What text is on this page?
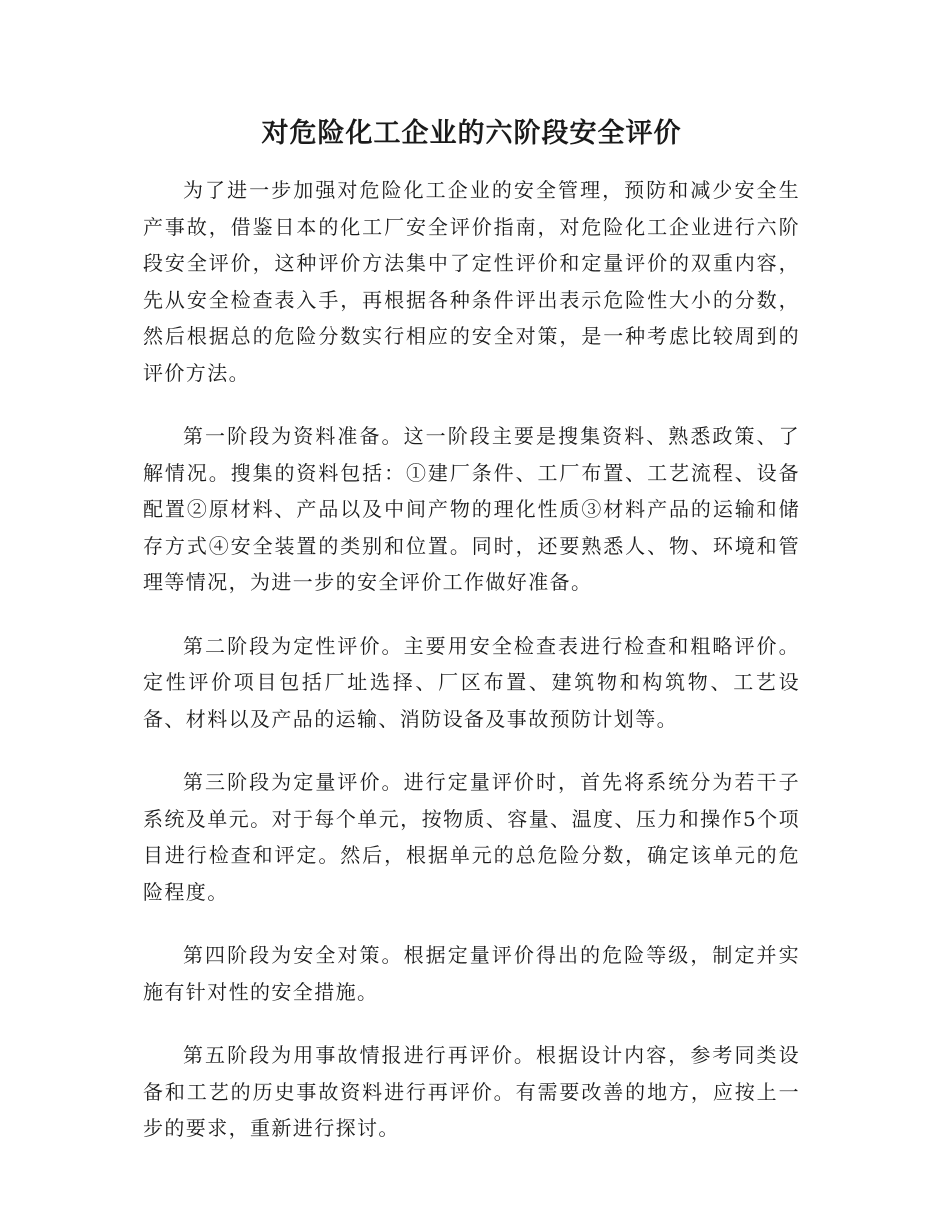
对危险化工企业的六阶段安全评价

为了进一步加强对危险化工企业的安全管理，预防和减少安全生产事故，借鉴日本的化工厂安全评价指南，对危险化工企业进行六阶段安全评价，这种评价方法集中了定性评价和定量评价的双重内容，先从安全检查表入手，再根据各种条件评出表示危险性大小的分数，然后根据总的危险分数实行相应的安全对策，是一种考虑比较周到的评价方法。

第一阶段为资料准备。这一阶段主要是搜集资料、熟悉政策、了解情况。搜集的资料包括：①建厂条件、工厂布置、工艺流程、设备配置②原材料、产品以及中间产物的理化性质③材料产品的运输和储存方式④安全装置的类别和位置。同时，还要熟悉人、物、环境和管理等情况，为进一步的安全评价工作做好准备。

第二阶段为定性评价。主要用安全检查表进行检查和粗略评价。定性评价项目包括厂址选择、厂区布置、建筑物和构筑物、工艺设备、材料以及产品的运输、消防设备及事故预防计划等。

第三阶段为定量评价。进行定量评价时，首先将系统分为若干子系统及单元。对于每个单元，按物质、容量、温度、压力和操作5个项目进行检查和评定。然后，根据单元的总危险分数，确定该单元的危险程度。

第四阶段为安全对策。根据定量评价得出的危险等级，制定并实施有针对性的安全措施。

第五阶段为用事故情报进行再评价。根据设计内容，参考同类设备和工艺的历史事故资料进行再评价。有需要改善的地方，应按上一步的要求，重新进行探讨。
